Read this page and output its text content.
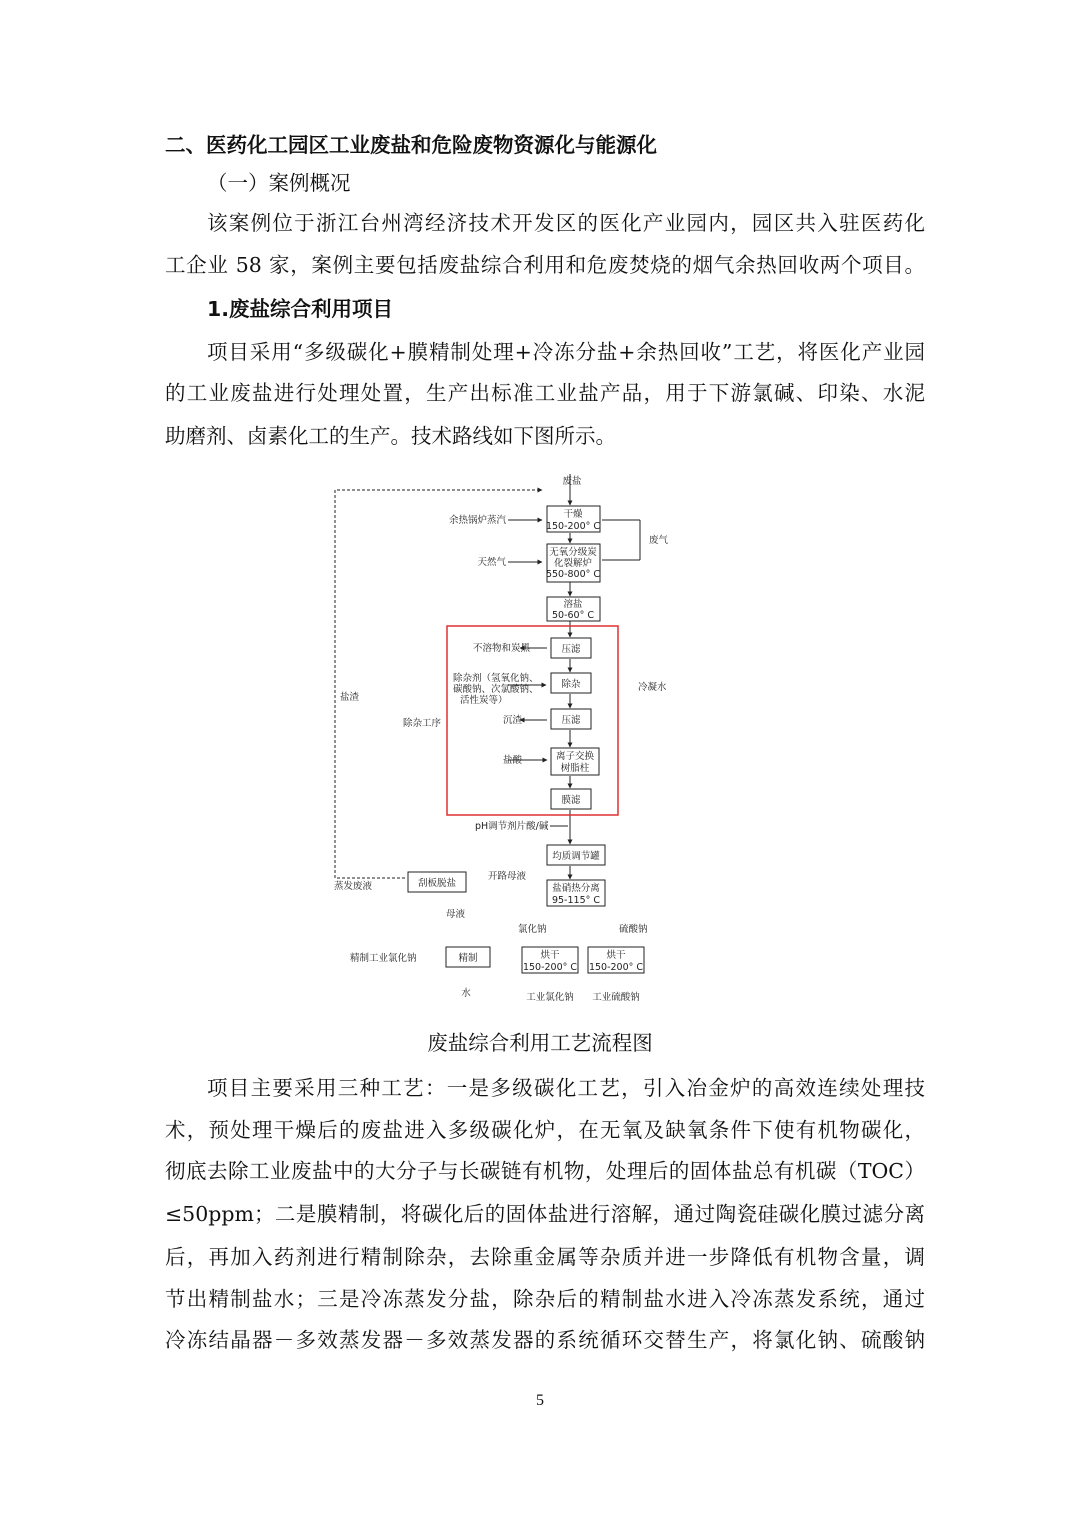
二、医药化工园区工业废盐和危险废物资源化与能源化
（一）案例概况
该案例位于浙江台州湾经济技术开发区的医化产业园内，园区共入驻医药化
工企业 58 家，案例主要包括废盐综合利用和危废焚烧的烟气余热回收两个项目。
1.废盐综合利用项目
项目采用“多级碳化+膜精制处理+冷冻分盐+余热回收”工艺，将医化产业园
的工业废盐进行处理处置，生产出标准工业盐产品，用于下游氯碱、印染、水泥
助磨剂、卤素化工的生产。技术路线如下图所示。
干燥
150-200° C
废盐
余热锅炉蒸汽
天然气
无氧分级炭
化裂解炉
550-800° C
废气
溶盐
50-60° C
冷凝水
盐渣
除杂工序
不溶物和炭黑	压滤
除杂剂（氢氧化钠、
碳酸钠、次氯酸钠、
活性炭等）
除杂
沉渣	压滤
盐酸	离子交换
树脂柱
膜滤
pH调节剂片酸/碱
均质调节罐
盐硝热分离
95-115° C
刮板脱盐
开路母液
蒸发废液
母液
氯化钠	硫酸钠
精制
精制工业氯化钠
水
烘干
150-200° C
烘干
150-200° C
工业氯化钠 工业硫酸钠
废盐综合利用工艺流程图
项目主要采用三种工艺：一是多级碳化工艺，引入冶金炉的高效连续处理技
术，预处理干燥后的废盐进入多级碳化炉，在无氧及缺氧条件下使有机物碳化，
彻底去除工业废盐中的大分子与长碳链有机物，处理后的固体盐总有机碳（TOC）
≤50ppm；二是膜精制，将碳化后的固体盐进行溶解，通过陶瓷硅碳化膜过滤分离
后，再加入药剂进行精制除杂，去除重金属等杂质并进一步降低有机物含量，调
节出精制盐水；三是冷冻蒸发分盐，除杂后的精制盐水进入冷冻蒸发系统，通过
冷冻结晶器－多效蒸发器－多效蒸发器的系统循环交替生产，将氯化钠、硫酸钠
5
